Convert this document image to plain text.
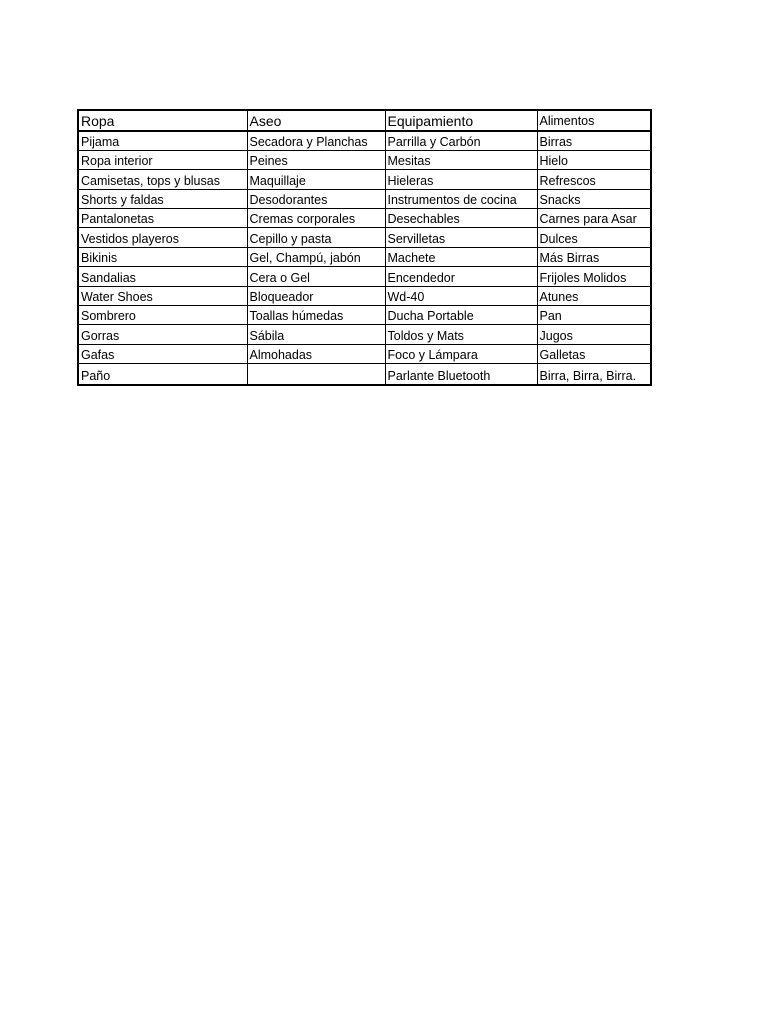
Ropa	Aseo	Equipamiento	Alimentos
Pijama	Secadora y Planchas	Parrilla y Carbón	Birras
Ropa interior	Peines	Mesitas	Hielo
Camisetas, tops y blusas	Maquillaje	Hieleras	Refrescos
Shorts y faldas	Desodorantes	Instrumentos de cocina	Snacks
Pantalonetas	Cremas corporales	Desechables	Carnes para Asar
Vestidos playeros	Cepillo y pasta	Servilletas	Dulces
Bikinis	Gel, Champú, jabón	Machete	Más Birras
Sandalias	Cera o Gel	Encendedor	Frijoles Molidos
Water Shoes	Bloqueador	Wd-40	Atunes
Sombrero	Toallas húmedas	Ducha Portable	Pan
Gorras	Sábila	Toldos y Mats	Jugos
Gafas	Almohadas	Foco y Lámpara	Galletas
Paño		Parlante Bluetooth	Birra, Birra, Birra.
